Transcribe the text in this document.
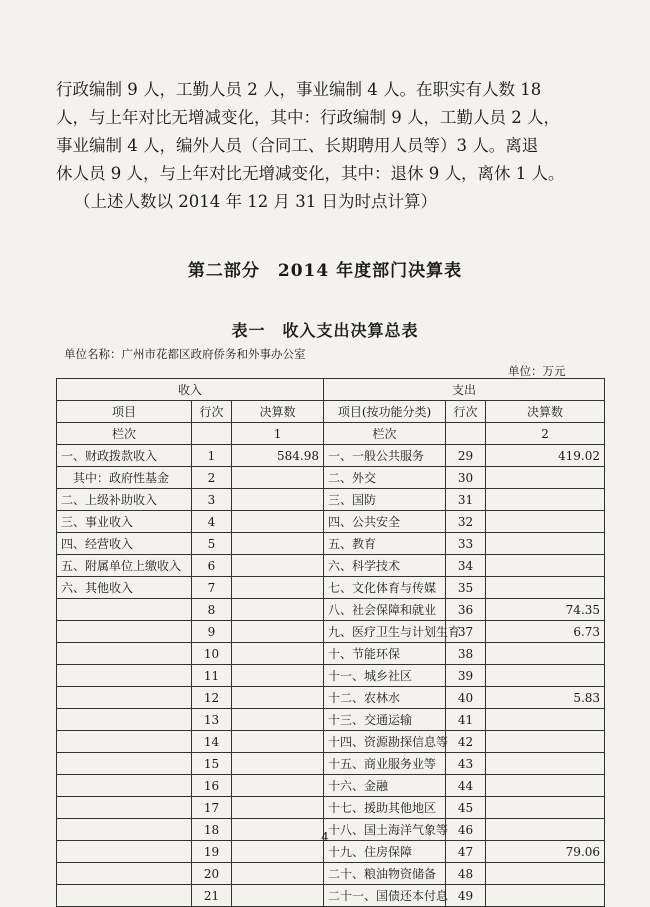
行政编制 9 人，工勤人员 2 人，事业编制 4 人。在职实有人数 18
人，与上年对比无增减变化，其中：行政编制 9 人，工勤人员 2 人，
事业编制 4 人，编外人员（合同工、长期聘用人员等）3 人。离退
休人员 9 人，与上年对比无增减变化，其中：退休 9 人，离休 1 人。
（上述人数以 2014 年 12 月 31 日为时点计算）
第二部分　2014 年度部门决算表
表一　收入支出决算总表
单位名称：广州市花都区政府侨务和外事办公室
单位：万元
收入			支出		
项目	行次	决算数	项目(按功能分类)	行次	决算数
栏次		1	栏次		2
一、财政拨款收入	1	584.98	一、一般公共服务	29	419.02
　其中：政府性基金	2		二、外交	30	
二、上级补助收入	3		三、国防	31	
三、事业收入	4		四、公共安全	32	
四、经营收入	5		五、教育	33	
五、附属单位上缴收入	6		六、科学技术	34	
六、其他收入	7		七、文化体育与传媒	35	
	8		八、社会保障和就业	36	74.35
	9		九、医疗卫生与计划生育	37	6.73
	10		十、节能环保	38	
	11		十一、城乡社区	39	
	12		十二、农林水	40	5.83
	13		十三、交通运输	41	
	14		十四、资源勘探信息等	42	
	15		十五、商业服务业等	43	
	16		十六、金融	44	
	17		十七、援助其他地区	45	
	18		十八、国土海洋气象等	46	
	19		十九、住房保障	47	79.06
	20		二十、粮油物资储备	48	
	21		二十一、国债还本付息	49	
4
